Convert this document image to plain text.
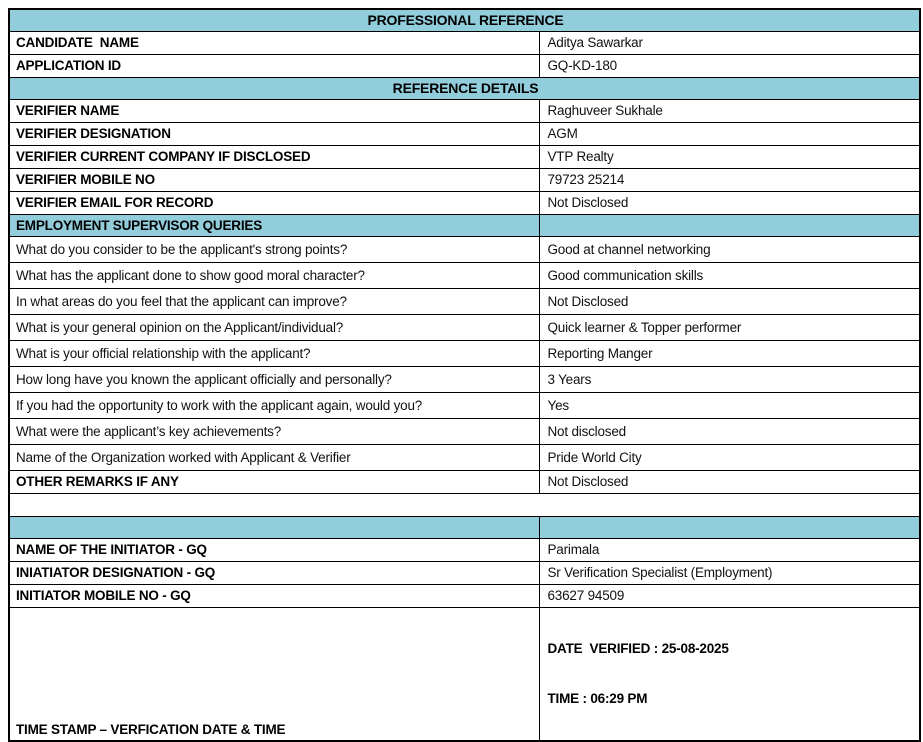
PROFESSIONAL REFERENCE	
CANDIDATE  NAME	Aditya Sawarkar
APPLICATION ID	GQ-KD-180
REFERENCE DETAILS	
VERIFIER NAME	Raghuveer Sukhale
VERIFIER DESIGNATION	AGM
VERIFIER CURRENT COMPANY IF DISCLOSED	VTP Realty
VERIFIER MOBILE NO	79723 25214
VERIFIER EMAIL FOR RECORD	Not Disclosed
EMPLOYMENT SUPERVISOR QUERIES	
What do you consider to be the applicant's strong points?	Good at channel networking
What has the applicant done to show good moral character?	Good communication skills
In what areas do you feel that the applicant can improve?	Not Disclosed
What is your general opinion on the Applicant/individual?	Quick learner & Topper performer
What is your official relationship with the applicant?	Reporting Manger
How long have you known the applicant officially and personally?	3 Years
If you had the opportunity to work with the applicant again, would you?	Yes
What were the applicant’s key achievements?	Not disclosed
Name of the Organization worked with Applicant & Verifier	Pride World City
OTHER REMARKS IF ANY	Not Disclosed

NAME OF THE INITIATOR - GQ	Parimala
INIATIATOR DESIGNATION - GQ	Sr Verification Specialist (Employment)
INITIATOR MOBILE NO - GQ	63627 94509
TIME STAMP – VERFICATION DATE & TIME	DATE  VERIFIED : 25-08-2025

TIME : 06:29 PM
